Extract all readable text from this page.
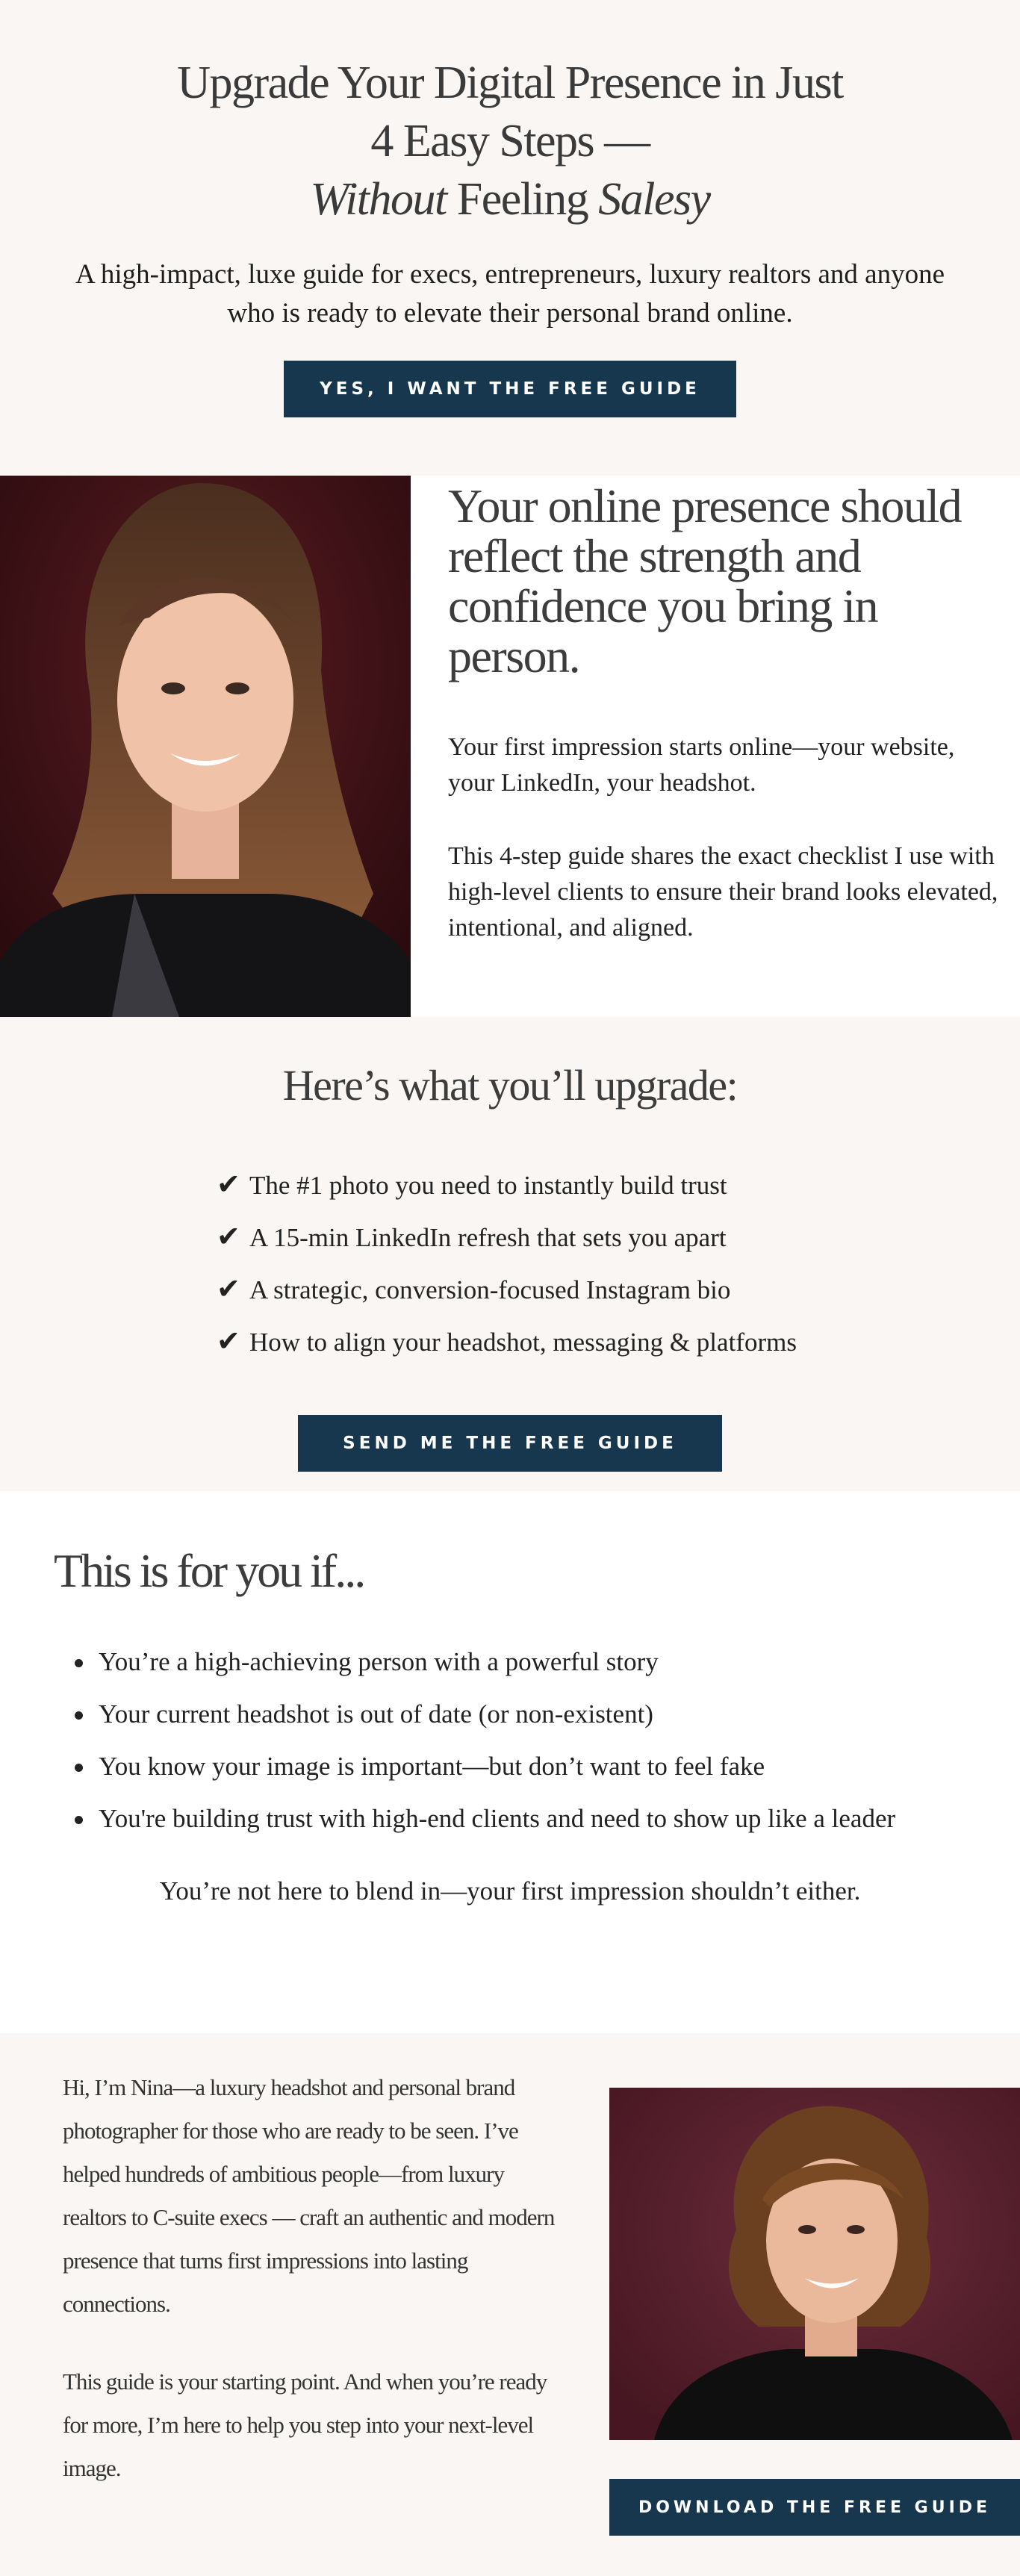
Upgrade Your Digital Presence in Just
4 Easy Steps —
Without Feeling Salesy

A high-impact, luxe guide for execs, entrepreneurs, luxury realtors and anyone who is ready to elevate their personal brand online.

YES, I WANT THE FREE GUIDE
Your online presence should reflect the strength and confidence you bring in person.

Your first impression starts online—your website, your LinkedIn, your headshot.

This 4-step guide shares the exact checklist I use with high-level clients to ensure their brand looks elevated, intentional, and aligned.

Here’s what you’ll upgrade:
✔ The #1 photo you need to instantly build trust
✔ A 15-min LinkedIn refresh that sets you apart
✔ A strategic, conversion-focused Instagram bio
✔ How to align your headshot, messaging & platforms
SEND ME THE FREE GUIDE
This is for you if...
You’re a high-achieving person with a powerful story
Your current headshot is out of date (or non-existent)
You know your image is important—but don’t want to feel fake
You're building trust with high-end clients and need to show up like a leader

You’re not here to blend in—your first impression shouldn’t either.

Hi, I’m Nina—a luxury headshot and personal brand photographer for those who are ready to be seen. I’ve helped hundreds of ambitious people—from luxury realtors to C-suite execs — craft an authentic and modern presence that turns first impressions into lasting connections.

This guide is your starting point. And when you’re ready for more, I’m here to help you step into your next-level image.

DOWNLOAD THE FREE GUIDE
